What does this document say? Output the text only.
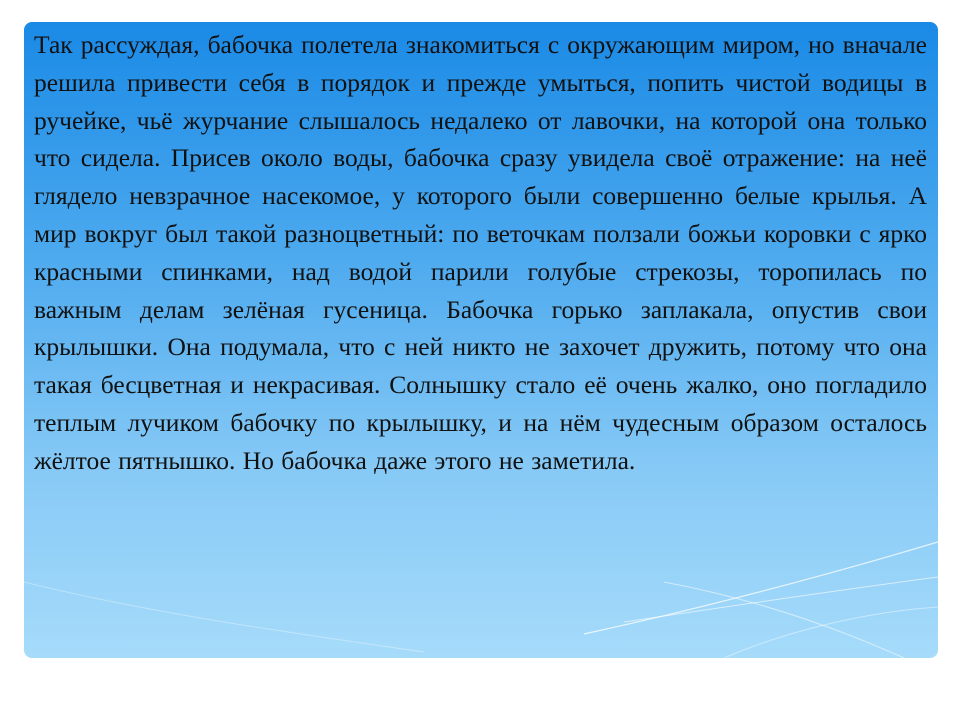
Так рассуждая, бабочка полетела знакомиться с окружающим миром, но вначале решила привести себя в порядок и прежде умыться, попить чистой водицы в ручейке, чьё журчание слышалось недалеко от лавочки, на которой она только что сидела. Присев около воды, бабочка сразу увидела своё отражение: на неё глядело невзрачное насекомое, у которого были совершенно белые крылья. А мир вокруг был такой разноцветный: по веточкам ползали божьи коровки с ярко красными спинками, над водой парили голубые стрекозы, торопилась по важным делам зелёная гусеница. Бабочка горько заплакала, опустив свои крылышки. Она подумала, что с ней никто не захочет дружить, потому что она такая бесцветная и некрасивая. Солнышку стало её очень жалко, оно погладило теплым лучиком бабочку по крылышку, и на нём чудесным образом осталось жёлтое пятнышко. Но бабочка даже этого не заметила.
